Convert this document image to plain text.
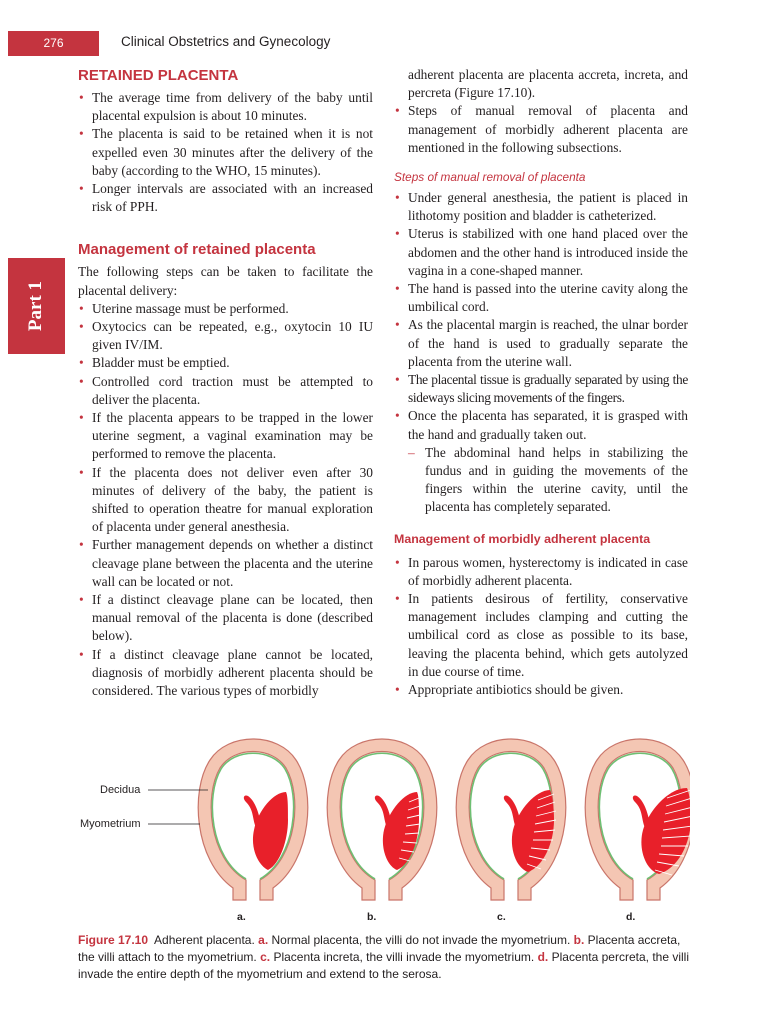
276	Clinical Obstetrics and Gynecology
Part 1
RETAINED PLACENTA
• The average time from delivery of the baby until placental expulsion is about 10 minutes.
• The placenta is said to be retained when it is not expelled even 30 minutes after the delivery of the baby (according to the WHO, 15 minutes).
• Longer intervals are associated with an increased risk of PPH.
Management of retained placenta

The following steps can be taken to facilitate the placental delivery:

• Uterine massage must be performed.
• Oxytocics can be repeated, e.g., oxytocin 10 IU given IV/IM.
• Bladder must be emptied.
• Controlled cord traction must be attempted to deliver the placenta.
• If the placenta appears to be trapped in the lower uterine segment, a vaginal examination may be performed to remove the placenta.
• If the placenta does not deliver even after 30 minutes of delivery of the baby, the patient is shifted to operation theatre for manual exploration of placenta under general anesthesia.
• Further management depends on whether a distinct cleavage plane between the placenta and the uterine wall can be located or not.
• If a distinct cleavage plane can be located, then manual removal of the placenta is done (described below).
• If a distinct cleavage plane cannot be located, diagnosis of morbidly adherent placenta should be considered. The various types of morbidly
adherent placenta are placenta accreta, increta, and percreta (Figure 17.10).
• Steps of manual removal of placenta and management of morbidly adherent placenta are mentioned in the following subsections.
Steps of manual removal of placenta
• Under general anesthesia, the patient is placed in lithotomy position and bladder is catheterized.
• Uterus is stabilized with one hand placed over the abdomen and the other hand is introduced inside the vagina in a cone-shaped manner.
• The hand is passed into the uterine cavity along the umbilical cord.
• As the placental margin is reached, the ulnar border of the hand is used to gradually separate the placenta from the uterine wall.
• The placental tissue is gradually separated by using the sideways slicing movements of the fingers.
• Once the placenta has separated, it is grasped with the hand and gradually taken out.
– The abdominal hand helps in stabilizing the fundus and in guiding the movements of the fingers within the uterine cavity, until the placenta has completely separated.
Management of morbidly adherent placenta
• In parous women, hysterectomy is indicated in case of morbidly adherent placenta.
• In patients desirous of fertility, conservative management includes clamping and cutting the umbilical cord as close as possible to its base, leaving the placenta behind, which gets autolyzed in due course of time.
• Appropriate antibiotics should be given.
Decidua
Myometrium
a.	b.	c.	d.
Figure 17.10 Adherent placenta. a. Normal placenta, the villi do not invade the myometrium. b. Placenta accreta, the villi attach to the myometrium. c. Placenta increta, the villi invade the myometrium. d. Placenta percreta, the villi invade the entire depth of the myometrium and extend to the serosa.
